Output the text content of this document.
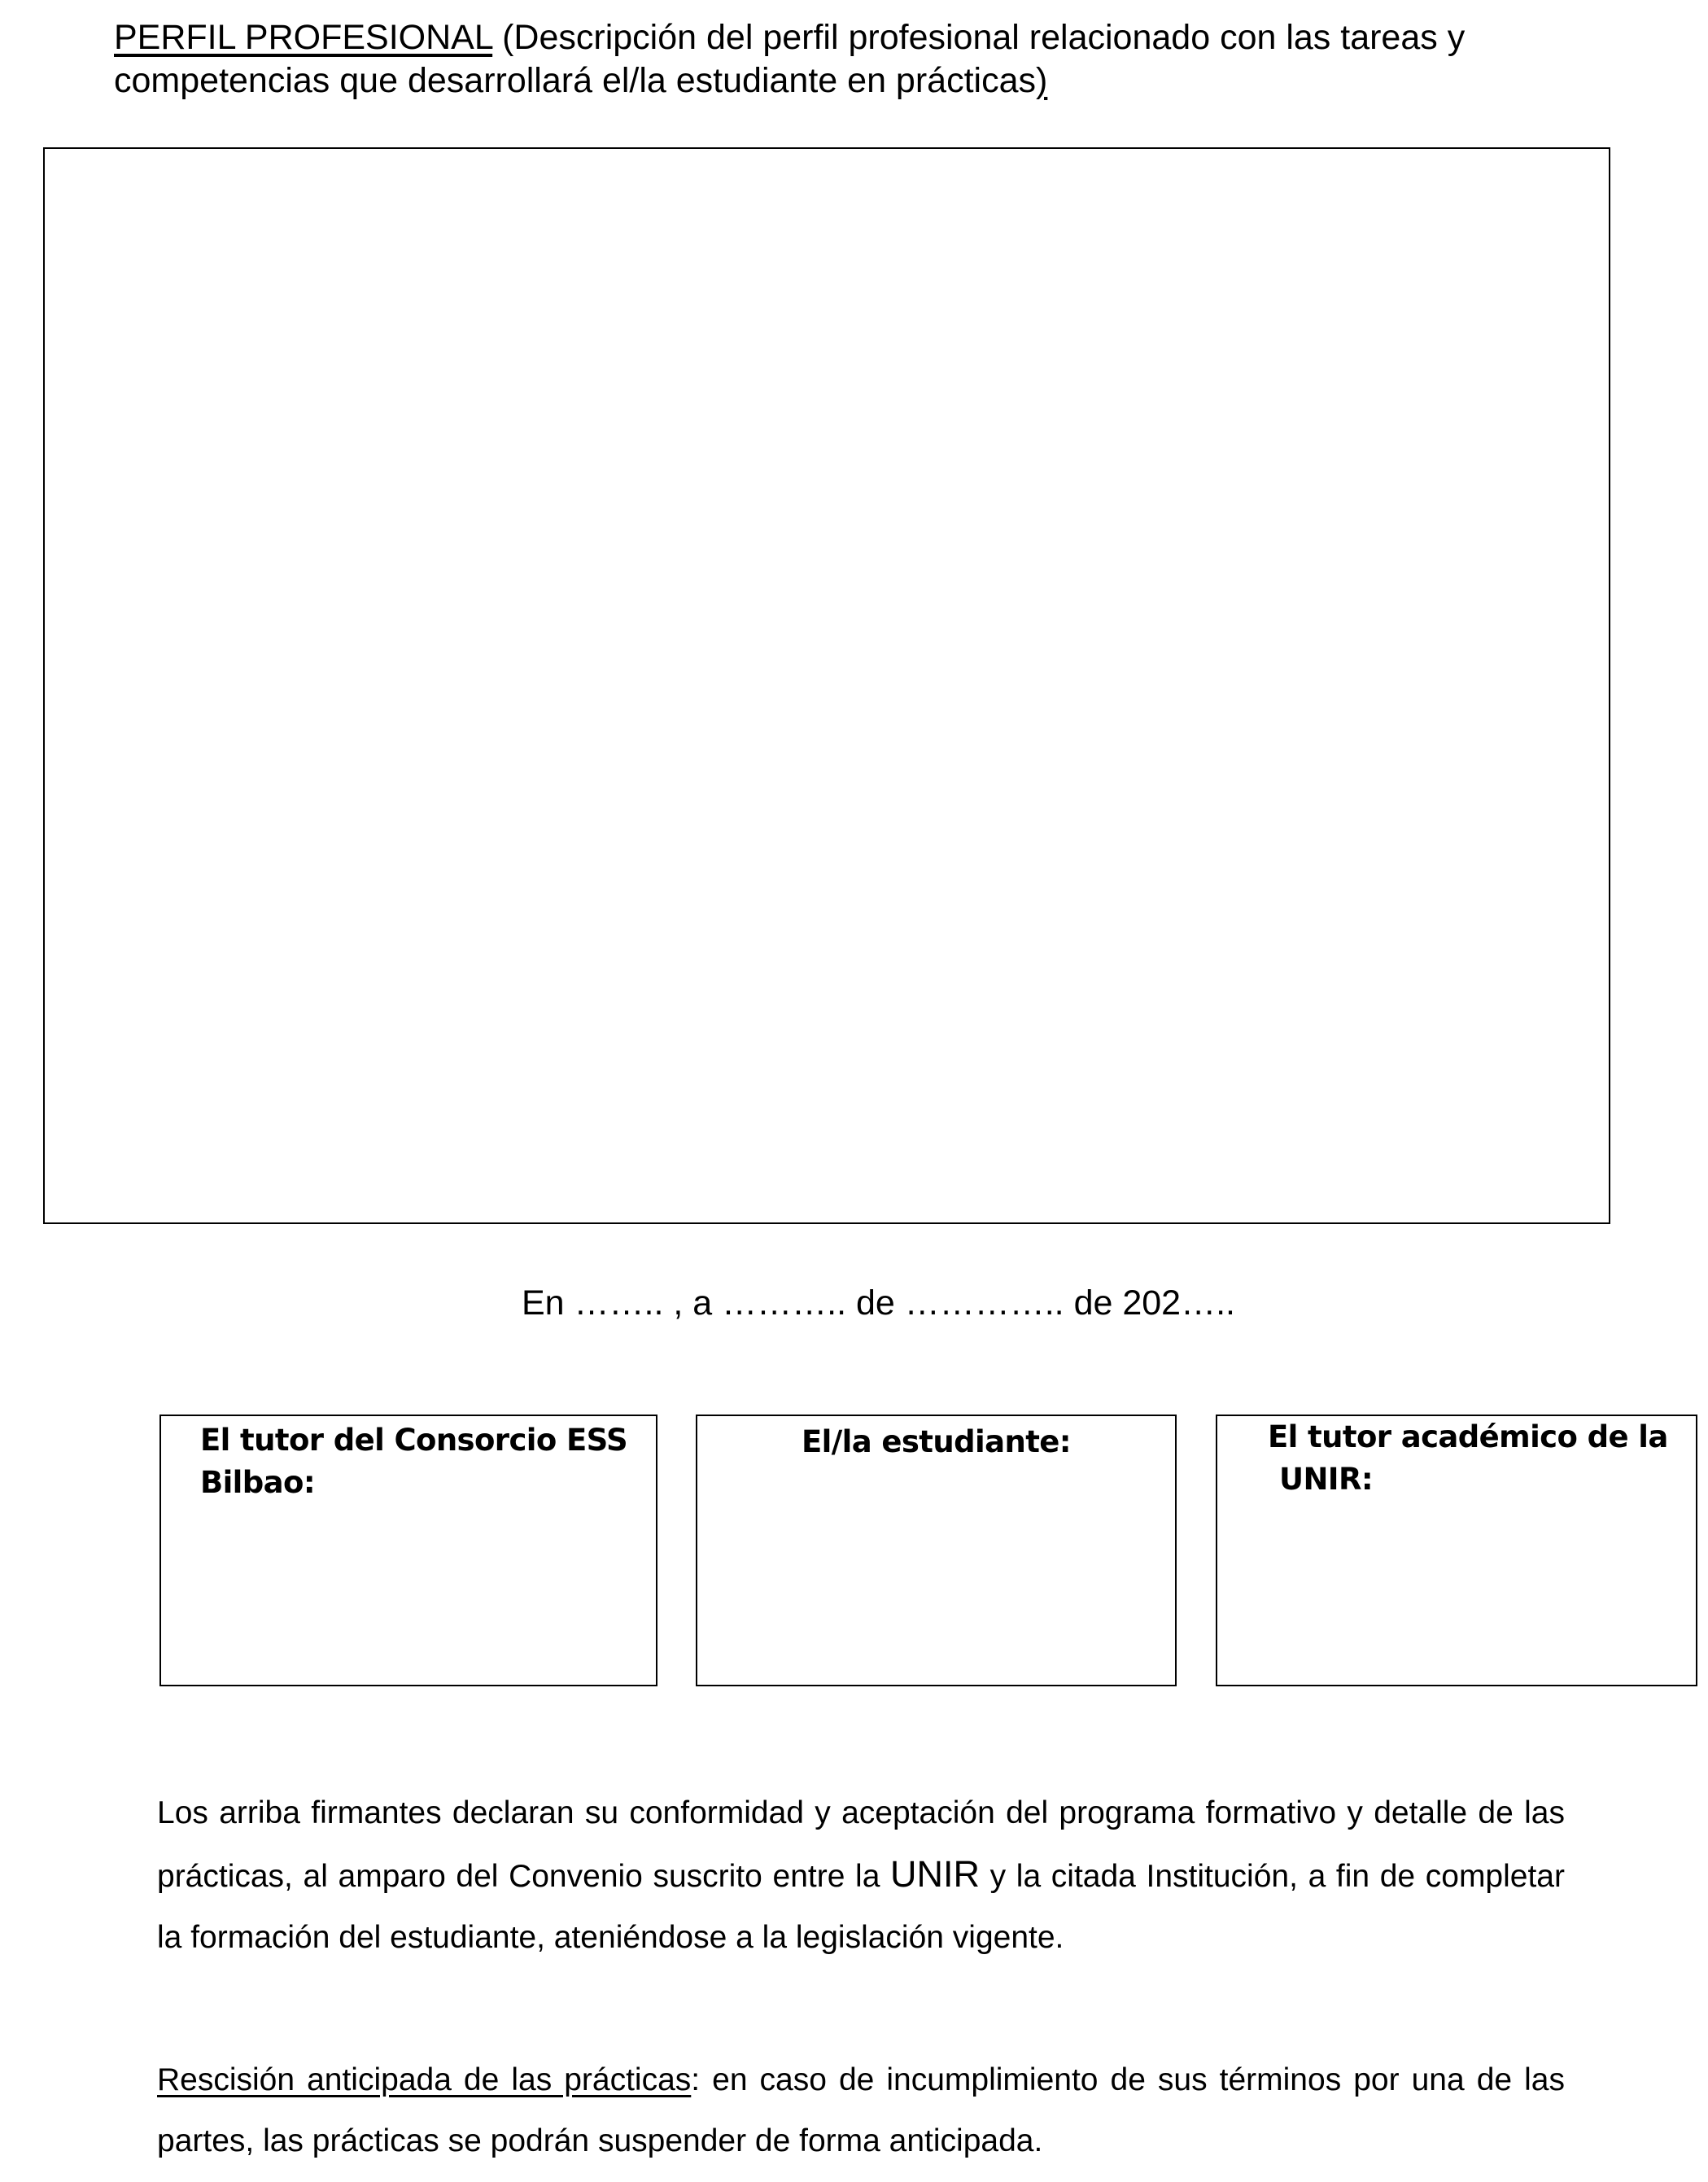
PERFIL PROFESIONAL (Descripción del perfil profesional relacionado con las tareas y competencias que desarrollará el/la estudiante en prácticas)
En …….. , a ……….. de ………….. de 202…..
El tutor del Consorcio ESS
Bilbao:
El/la estudiante:	El tutor académico de la
UNIR:
Los arriba firmantes declaran su conformidad y aceptación del programa formativo y detalle de las prácticas, al amparo del Convenio suscrito entre la UNIR y la citada Institución, a fin de completar la formación del estudiante, ateniéndose a la legislación vigente.
Rescisión anticipada de las prácticas: en caso de incumplimiento de sus términos por una de las partes, las prácticas se podrán suspender de forma anticipada.
